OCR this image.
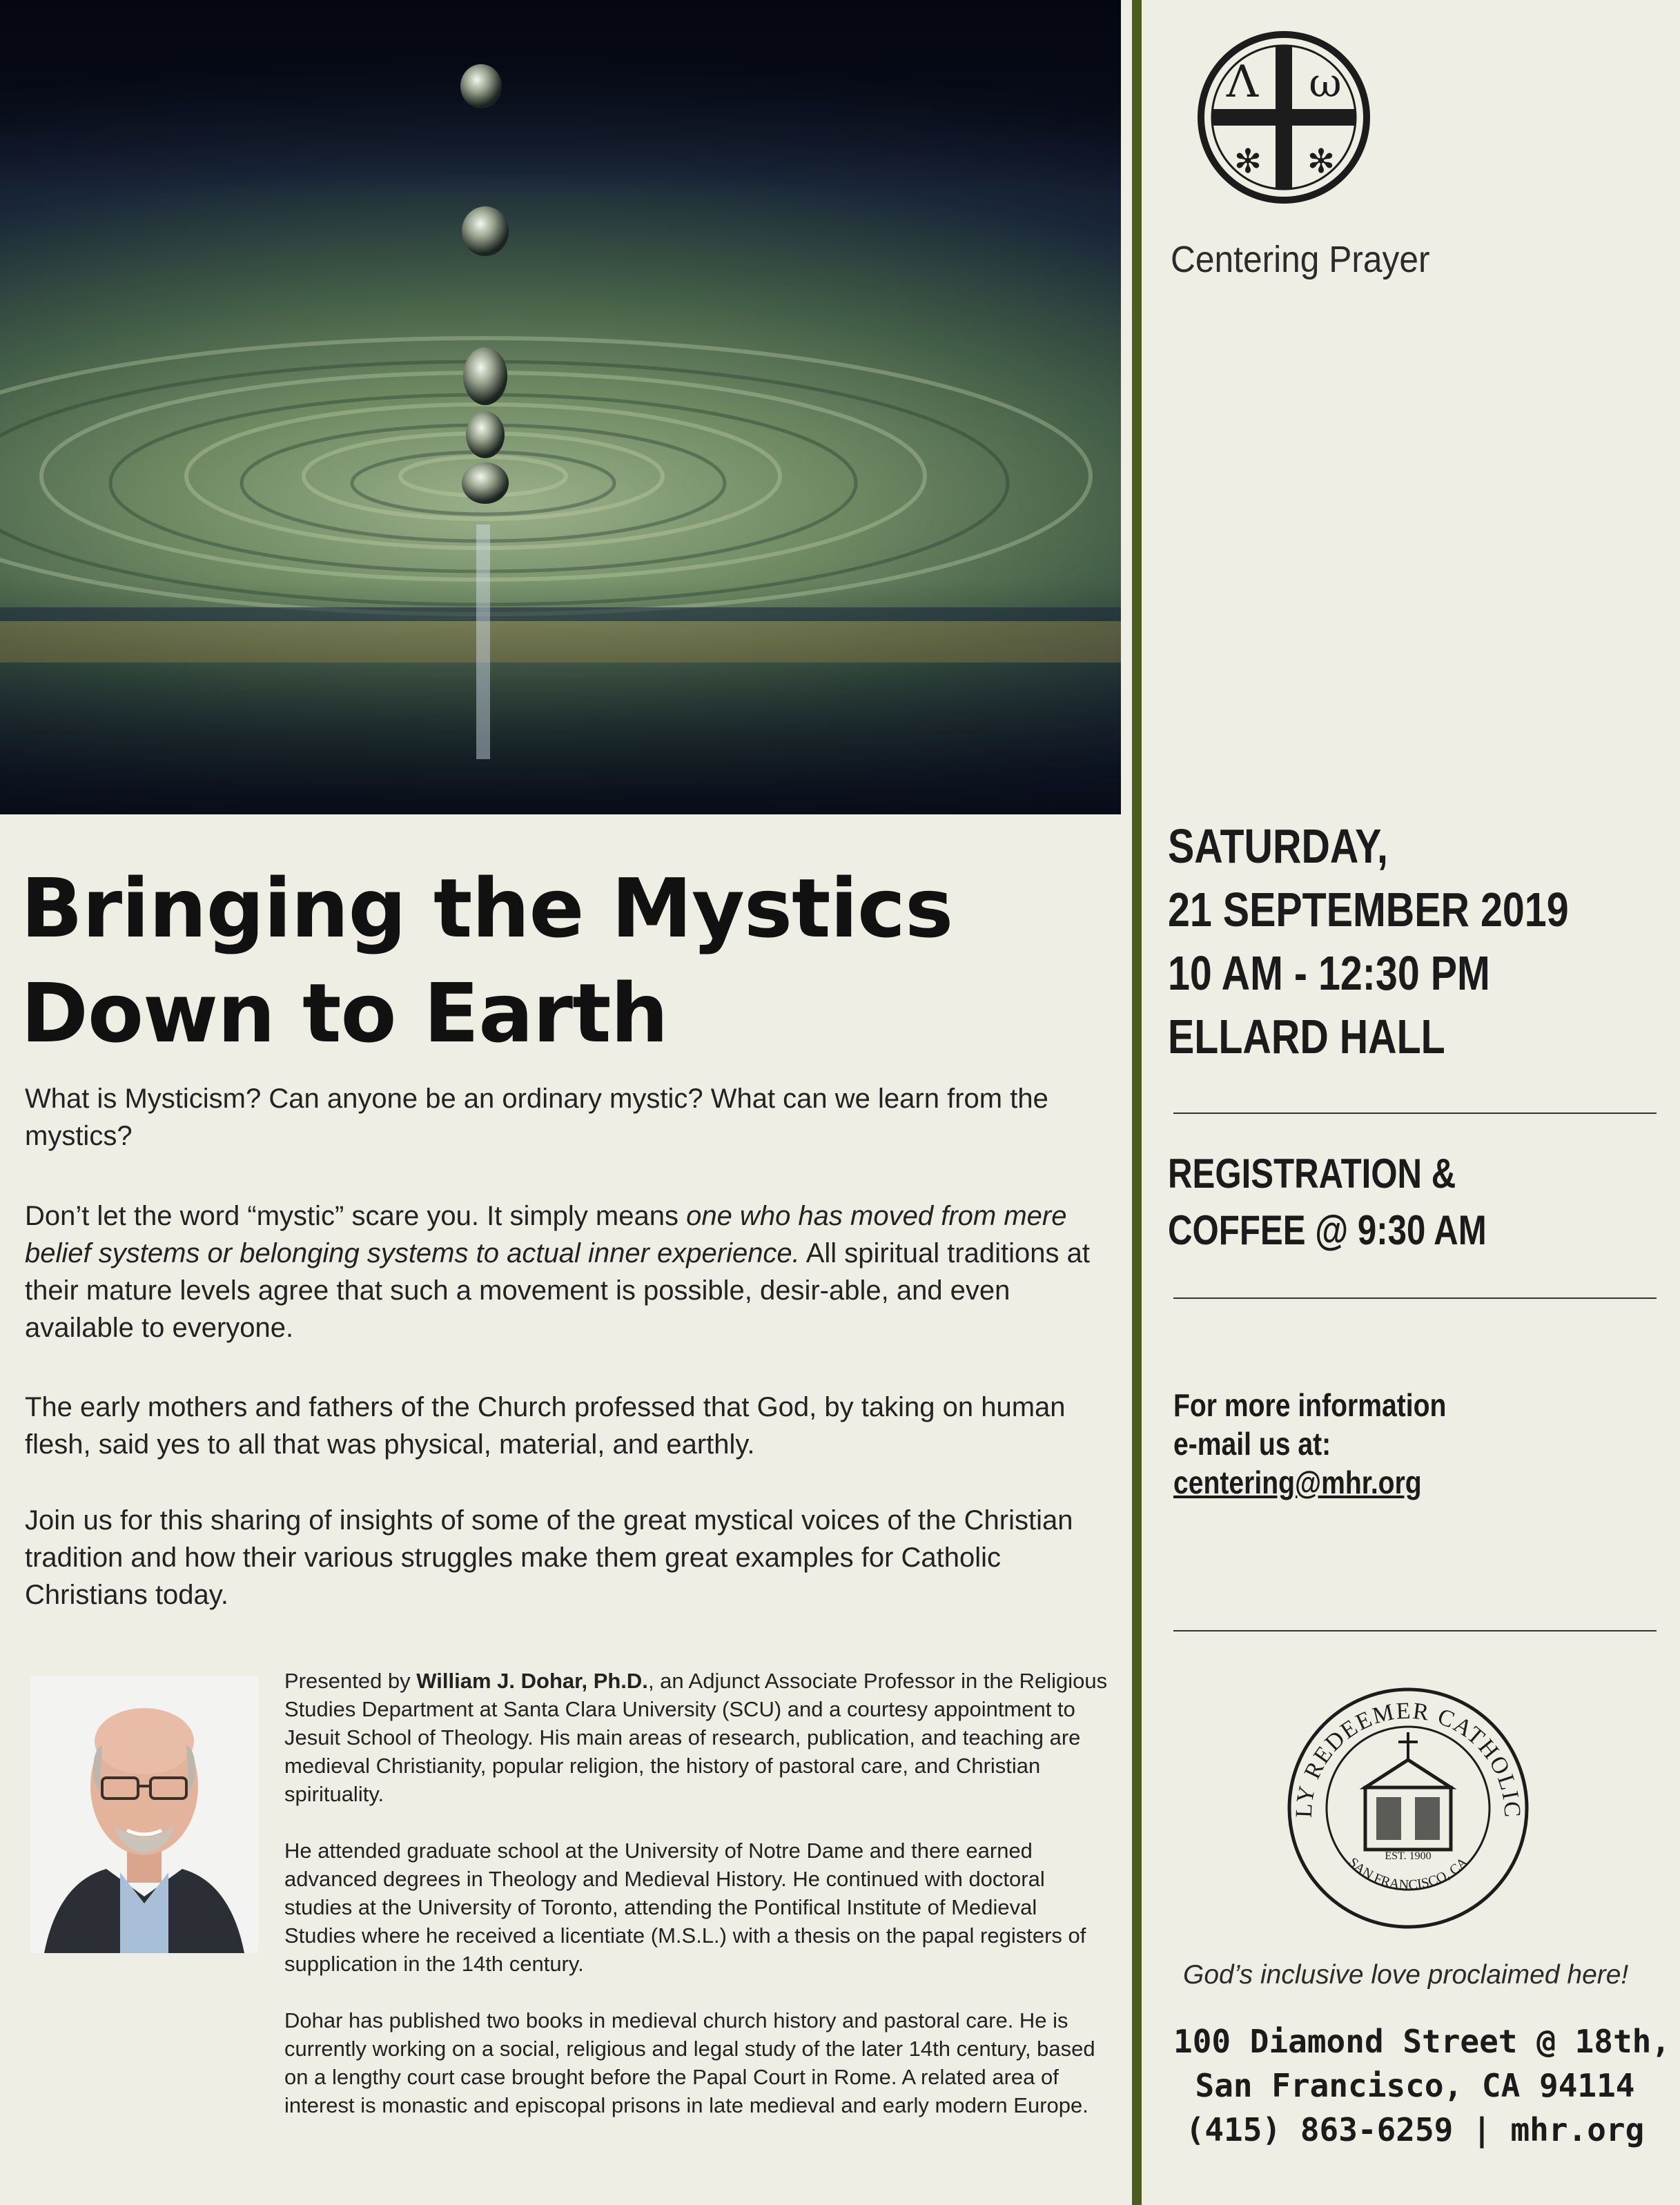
Λ ω
✻ ✻
Centering Prayer
SATURDAY,
21 SEPTEMBER 2019
10 AM - 12:30 PM
ELLARD HALL
REGISTRATION &
COFFEE @ 9:30 AM
For more information
e-mail us at:
centering@mhr.org
LY REDEEMER CATHOLIC
SAN FRANCISCO, CA
EST. 1900
God’s inclusive love proclaimed here!
100 Diamond Street @ 18th,
San Francisco, CA 94114
(415) 863-6259 | mhr.org
Bringing the Mystics
Down to Earth
What is Mysticism? Can anyone be an ordinary mystic? What can we learn from the mystics?
Don’t let the word “mystic” scare you. It simply means one who has moved from mere belief systems or belonging systems to actual inner experience. All spiritual traditions at their mature levels agree that such a movement is possible, desir-able, and even available to everyone.
The early mothers and fathers of the Church professed that God, by taking on human flesh, said yes to all that was physical, material, and earthly.
Join us for this sharing of insights of some of the great mystical voices of the Christian tradition and how their various struggles make them great examples for Catholic Christians today.

Presented by William J. Dohar, Ph.D., an Adjunct Associate Professor in the Religious Studies Department at Santa Clara University (SCU) and a courtesy appointment to Jesuit School of Theology. His main areas of research, publication, and teaching are medieval Christianity, popular religion, the history of pastoral care, and Christian spirituality.

He attended graduate school at the University of Notre Dame and there earned advanced degrees in Theology and Medieval History. He continued with doctoral studies at the University of Toronto, attending the Pontifical Institute of Medieval Studies where he received a licentiate (M.S.L.) with a thesis on the papal registers of supplication in the 14th century.

Dohar has published two books in medieval church history and pastoral care. He is currently working on a social, religious and legal study of the later 14th century, based on a lengthy court case brought before the Papal Court in Rome. A related area of interest is monastic and episcopal prisons in late medieval and early modern Europe.
